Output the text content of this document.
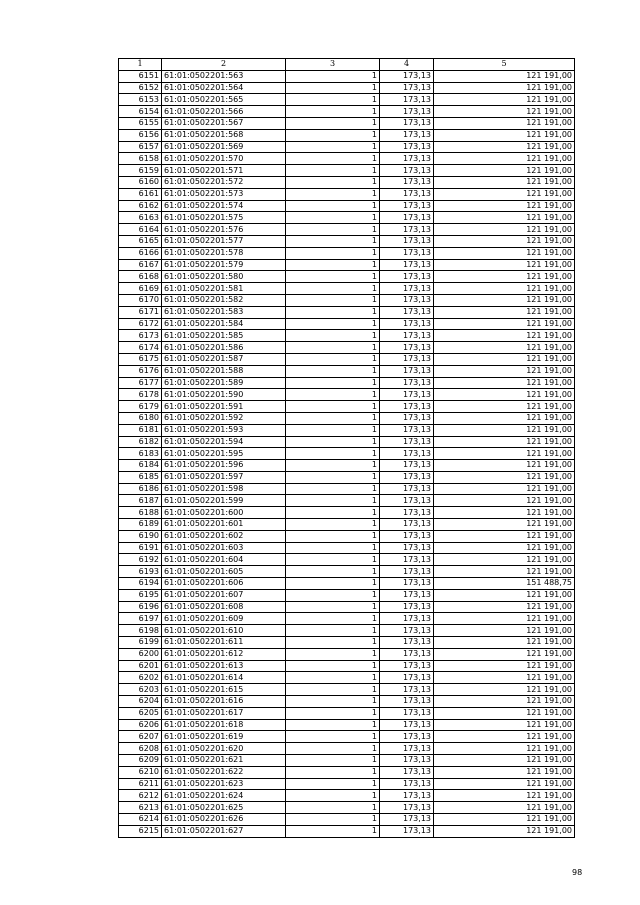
1	2	3	4	5
6151	61:01:0502201:563	1	173,13	121 191,00
6152	61:01:0502201:564	1	173,13	121 191,00
6153	61:01:0502201:565	1	173,13	121 191,00
6154	61:01:0502201:566	1	173,13	121 191,00
6155	61:01:0502201:567	1	173,13	121 191,00
6156	61:01:0502201:568	1	173,13	121 191,00
6157	61:01:0502201:569	1	173,13	121 191,00
6158	61:01:0502201:570	1	173,13	121 191,00
6159	61:01:0502201:571	1	173,13	121 191,00
6160	61:01:0502201:572	1	173,13	121 191,00
6161	61:01:0502201:573	1	173,13	121 191,00
6162	61:01:0502201:574	1	173,13	121 191,00
6163	61:01:0502201:575	1	173,13	121 191,00
6164	61:01:0502201:576	1	173,13	121 191,00
6165	61:01:0502201:577	1	173,13	121 191,00
6166	61:01:0502201:578	1	173,13	121 191,00
6167	61:01:0502201:579	1	173,13	121 191,00
6168	61:01:0502201:580	1	173,13	121 191,00
6169	61:01:0502201:581	1	173,13	121 191,00
6170	61:01:0502201:582	1	173,13	121 191,00
6171	61:01:0502201:583	1	173,13	121 191,00
6172	61:01:0502201:584	1	173,13	121 191,00
6173	61:01:0502201:585	1	173,13	121 191,00
6174	61:01:0502201:586	1	173,13	121 191,00
6175	61:01:0502201:587	1	173,13	121 191,00
6176	61:01:0502201:588	1	173,13	121 191,00
6177	61:01:0502201:589	1	173,13	121 191,00
6178	61:01:0502201:590	1	173,13	121 191,00
6179	61:01:0502201:591	1	173,13	121 191,00
6180	61:01:0502201:592	1	173,13	121 191,00
6181	61:01:0502201:593	1	173,13	121 191,00
6182	61:01:0502201:594	1	173,13	121 191,00
6183	61:01:0502201:595	1	173,13	121 191,00
6184	61:01:0502201:596	1	173,13	121 191,00
6185	61:01:0502201:597	1	173,13	121 191,00
6186	61:01:0502201:598	1	173,13	121 191,00
6187	61:01:0502201:599	1	173,13	121 191,00
6188	61:01:0502201:600	1	173,13	121 191,00
6189	61:01:0502201:601	1	173,13	121 191,00
6190	61:01:0502201:602	1	173,13	121 191,00
6191	61:01:0502201:603	1	173,13	121 191,00
6192	61:01:0502201:604	1	173,13	121 191,00
6193	61:01:0502201:605	1	173,13	121 191,00
6194	61:01:0502201:606	1	173,13	151 488,75
6195	61:01:0502201:607	1	173,13	121 191,00
6196	61:01:0502201:608	1	173,13	121 191,00
6197	61:01:0502201:609	1	173,13	121 191,00
6198	61:01:0502201:610	1	173,13	121 191,00
6199	61:01:0502201:611	1	173,13	121 191,00
6200	61:01:0502201:612	1	173,13	121 191,00
6201	61:01:0502201:613	1	173,13	121 191,00
6202	61:01:0502201:614	1	173,13	121 191,00
6203	61:01:0502201:615	1	173,13	121 191,00
6204	61:01:0502201:616	1	173,13	121 191,00
6205	61:01:0502201:617	1	173,13	121 191,00
6206	61:01:0502201:618	1	173,13	121 191,00
6207	61:01:0502201:619	1	173,13	121 191,00
6208	61:01:0502201:620	1	173,13	121 191,00
6209	61:01:0502201:621	1	173,13	121 191,00
6210	61:01:0502201:622	1	173,13	121 191,00
6211	61:01:0502201:623	1	173,13	121 191,00
6212	61:01:0502201:624	1	173,13	121 191,00
6213	61:01:0502201:625	1	173,13	121 191,00
6214	61:01:0502201:626	1	173,13	121 191,00
6215	61:01:0502201:627	1	173,13	121 191,00
98
